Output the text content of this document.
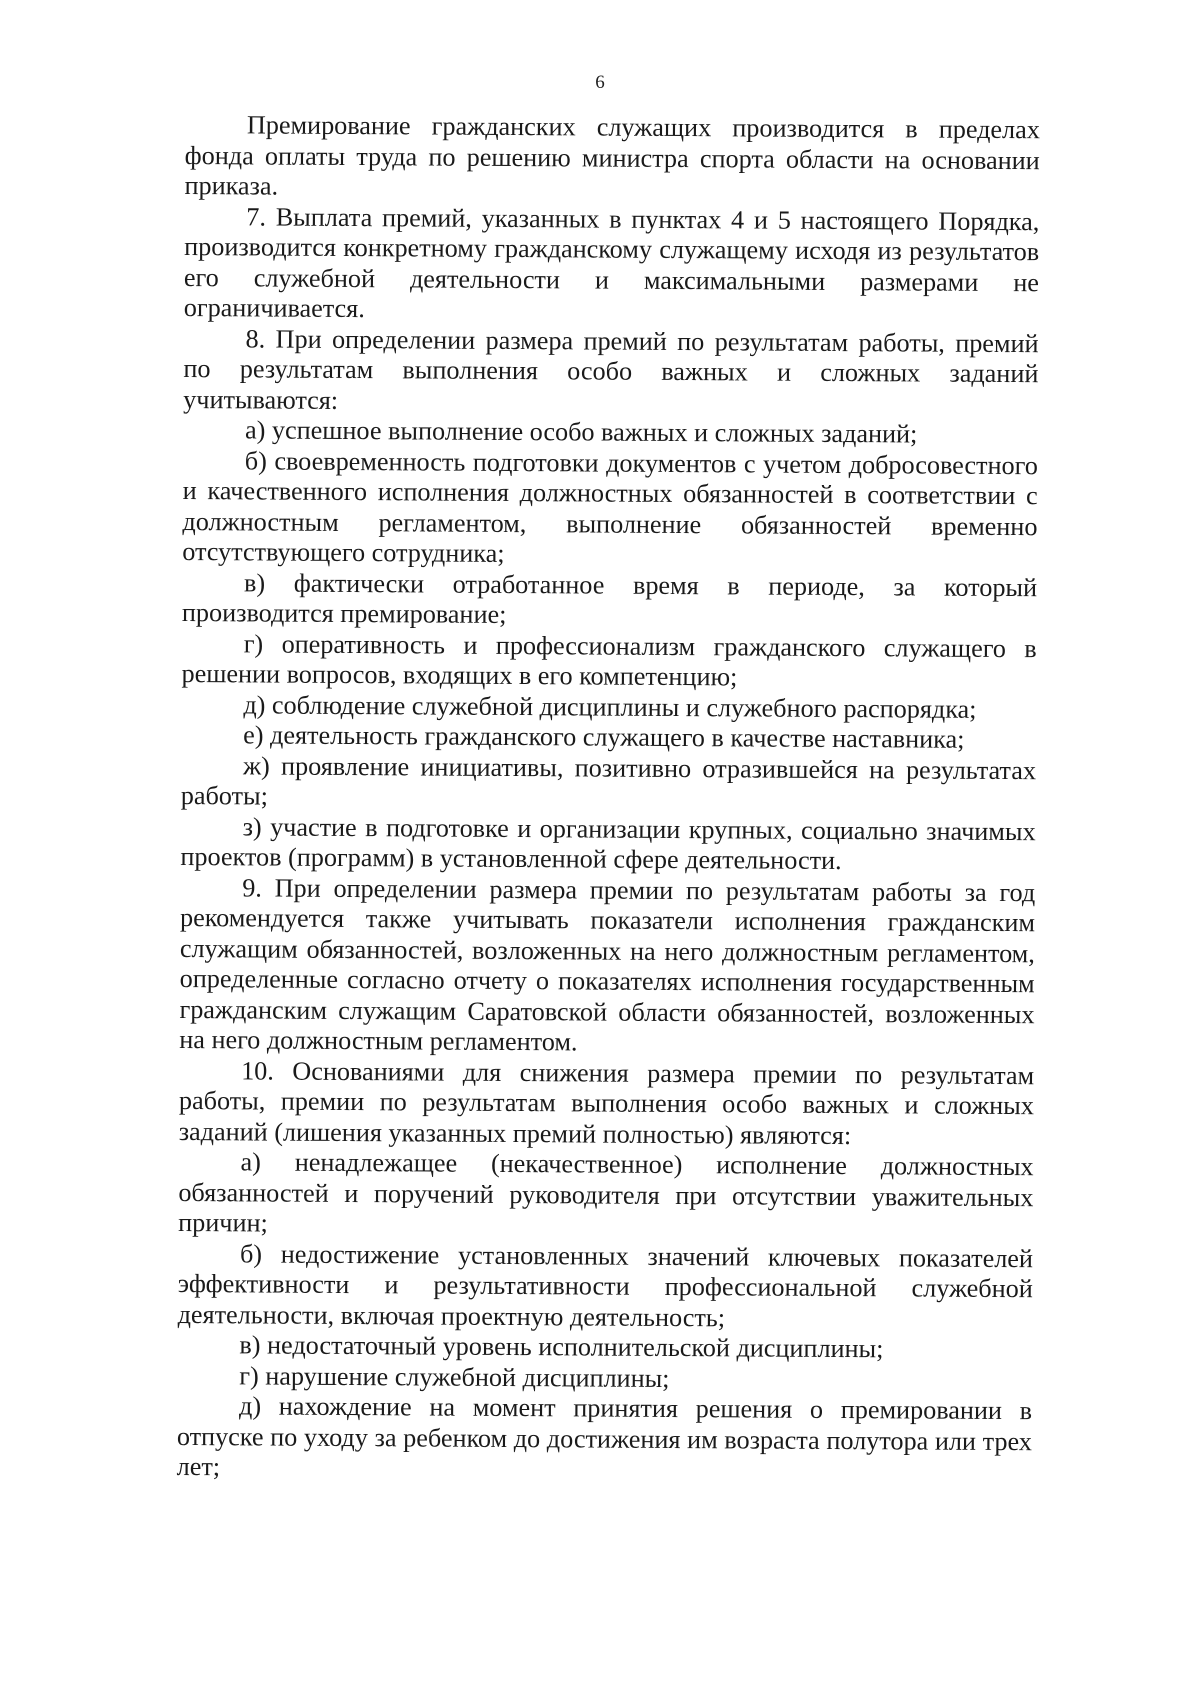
6

Премирование гражданских служащих производится в пределах фонда оплаты труда по решению министра спорта области на основании приказа.

7. Выплата премий, указанных в пунктах 4 и 5 настоящего Порядка, производится конкретному гражданскому служащему исходя из результатов его служебной деятельности и максимальными размерами не ограничивается.

8. При определении размера премий по результатам работы, премий по результатам выполнения особо важных и сложных заданий учитываются:

а) успешное выполнение особо важных и сложных заданий;

б) своевременность подготовки документов с учетом добросовестного и качественного исполнения должностных обязанностей в соответствии с должностным регламентом, выполнение обязанностей временно отсутствующего сотрудника;

в) фактически отработанное время в периоде, за который производится премирование;

г) оперативность и профессионализм гражданского служащего в решении вопросов, входящих в его компетенцию;

д) соблюдение служебной дисциплины и служебного распорядка;

е) деятельность гражданского служащего в качестве наставника;

ж) проявление инициативы, позитивно отразившейся на результатах работы;

з) участие в подготовке и организации крупных, социально значимых проектов (программ) в установленной сфере деятельности.

9. При определении размера премии по результатам работы за год рекомендуется также учитывать показатели исполнения гражданским служащим обязанностей, возложенных на него должностным регламентом, определенные согласно отчету о показателях исполнения государственным гражданским служащим Саратовской области обязанностей, возложенных на него должностным регламентом.

10. Основаниями для снижения размера премии по результатам работы, премии по результатам выполнения особо важных и сложных заданий (лишения указанных премий полностью) являются:

а) ненадлежащее (некачественное) исполнение должностных обязанностей и поручений руководителя при отсутствии уважительных причин;

б) недостижение установленных значений ключевых показателей эффективности и результативности профессиональной служебной деятельности, включая проектную деятельность;

в) недостаточный уровень исполнительской дисциплины;

г) нарушение служебной дисциплины;

д) нахождение на момент принятия решения о премировании в отпуске по уходу за ребенком до достижения им возраста полутора или трех лет;
